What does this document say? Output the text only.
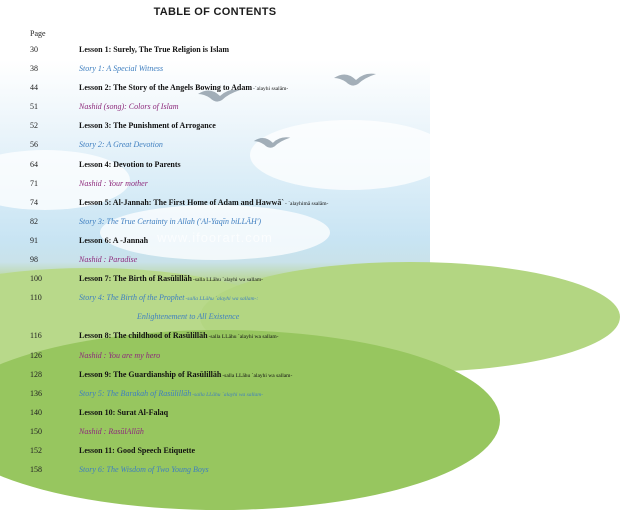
www.ifoorart.com
TABLE OF CONTENTS
Page
30	Lesson 1: Surely, The True Religion is Islam
38	Story 1: A Special Witness
44	Lesson 2: The Story of the Angels Bowing to Adam-`alayhi ssalām-
51	Nashid (song): Colors of Islam
52	Lesson 3: The Punishment of Arrogance
56	Story 2: A Great Devotion
64	Lesson 4: Devotion to Parents
71	Nashid : Your mother
74	Lesson 5: Al-Jannah: The First Home of Adam and Hawwā`- `alayhimā ssalām-
82	Story 3: The True Certainty in Allah ('Al-Yaqīn biLLĀH')
91	Lesson 6: A -Jannah
98	Nashid : Paradise
100	Lesson 7: The Birth of Rasūlillāh-salla LLāhu `alayhi wa sallam-
110	Story 4: The Birth of the Prophet-salla LLāhu `alayhi wa sallam-:
Enlightenement to All Existence
116	Lesson 8: The childhood of Rasūlillāh-salla LLāhu `alayhi wa sallam-
126	Nashid : You are my hero
128	Lesson 9: The Guardianship of Rasūlillāh-salla LLāhu `alayhi wa sallam-
136	Story 5: The Barakah of Rasūlillāh-salla LLāhu `alayhi wa sallam-
140	Lesson 10: Surat Al-Falaq
150	Nashid : RasūlAllāh
152	Lesson 11: Good Speech Etiquette
158	Story 6: The Wisdom of Two Young Boys
